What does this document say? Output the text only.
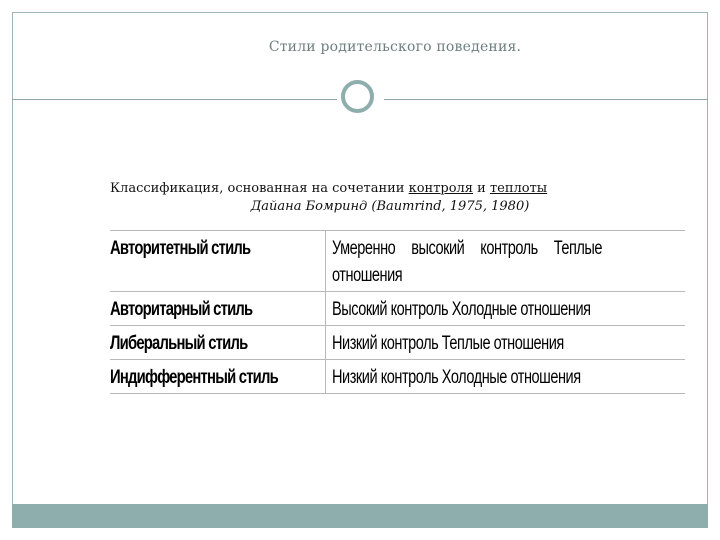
Стили родительского поведения.
Классификация, основанная на сочетании контроля и теплоты
Дайана Бомринд (Baumrind, 1975, 1980)
Авторитетный стиль	Умеренно высокий контроль Теплые отношения

Авторитарный стиль	Высокий контроль Холодные отношения

Либеральный стиль	Низкий контроль Теплые отношения

Индифферентный стиль	Низкий контроль Холодные отношения
